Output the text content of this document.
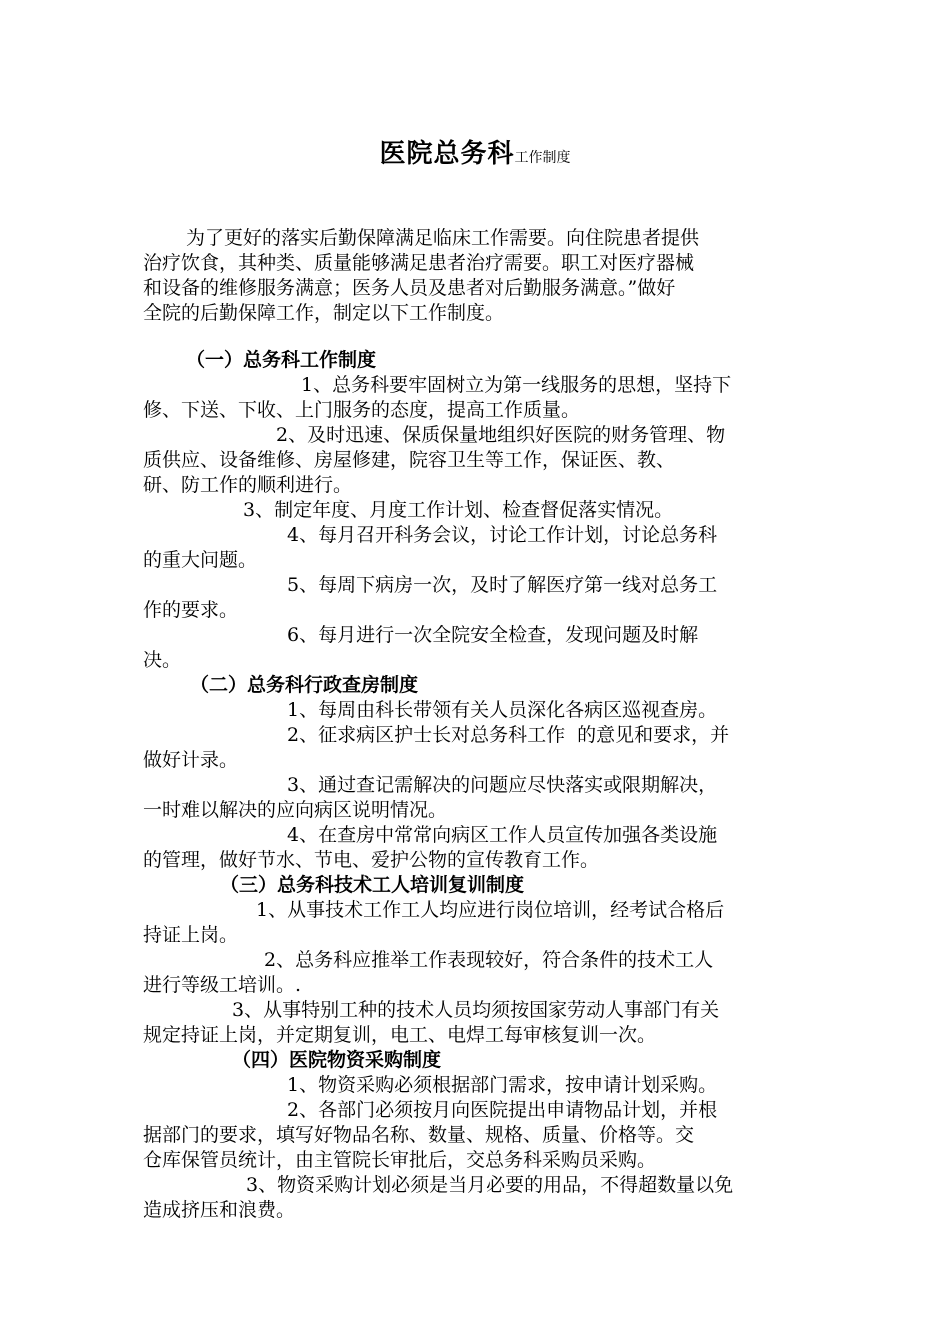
医院总务科工作制度
为了更好的落实后勤保障满足临床工作需要。向住院患者提供
治疗饮食，其种类、质量能够满足患者治疗需要。职工对医疗器械
和设备的维修服务满意；医务人员及患者对后勤服务满意。”做好
全院的后勤保障工作，制定以下工作制度。
（一）总务科工作制度
1、总务科要牢固树立为第一线服务的思想，坚持下
修、下送、下收、上门服务的态度，提高工作质量。
2、及时迅速、保质保量地组织好医院的财务管理、物
质供应、设备维修、房屋修建，院容卫生等工作，保证医、教、
研、防工作的顺利进行。
3、制定年度、月度工作计划、检查督促落实情况。
4、每月召开科务会议，讨论工作计划，讨论总务科
的重大问题。
5、每周下病房一次，及时了解医疗第一线对总务工
作的要求。
6、每月进行一次全院安全检查，发现问题及时解
决。
（二）总务科行政查房制度
1、每周由科长带领有关人员深化各病区巡视查房。
2、征求病区护士长对总务科工作  的意见和要求，并
做好计录。
3、通过查记需解决的问题应尽快落实或限期解决，
一时难以解决的应向病区说明情况。
4、在查房中常常向病区工作人员宣传加强各类设施
的管理，做好节水、节电、爱护公物的宣传教育工作。
（三）总务科技术工人培训复训制度
1、从事技术工作工人均应进行岗位培训，经考试合格后
持证上岗。
2、总务科应推举工作表现较好，符合条件的技术工人
进行等级工培训。.
3、从事特别工种的技术人员均须按国家劳动人事部门有关
规定持证上岗，并定期复训，电工、电焊工每审核复训一次。
（四）医院物资采购制度
1、物资采购必须根据部门需求，按申请计划采购。
2、各部门必须按月向医院提出申请物品计划，并根
据部门的要求，填写好物品名称、数量、规格、质量、价格等。交
仓库保管员统计，由主管院长审批后，交总务科采购员采购。
3、物资采购计划必须是当月必要的用品，不得超数量以免
造成挤压和浪费。
